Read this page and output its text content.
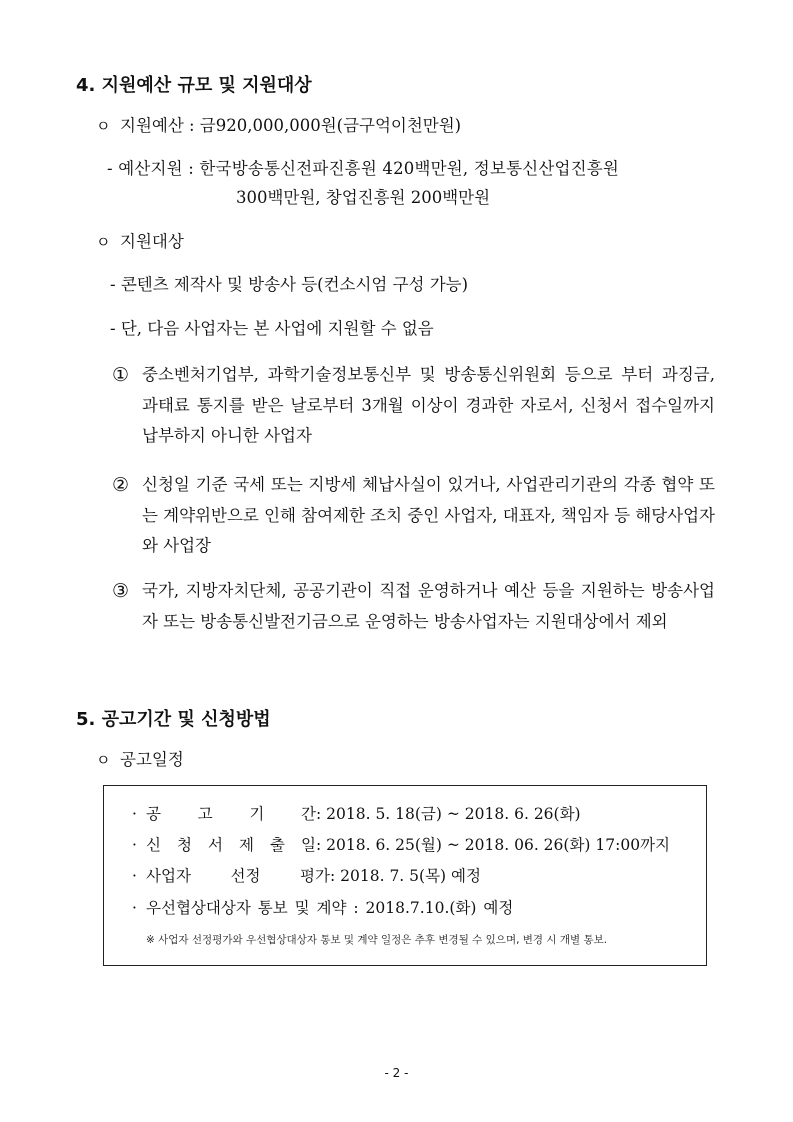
4. 지원예산 규모 및 지원대상
ㅇ 지원예산 : 금920,000,000원(금구억이천만원)
- 예산지원 : 한국방송통신전파진흥원 420백만원, 정보통신산업진흥원
300백만원, 창업진흥원 200백만원
ㅇ 지원대상
- 콘텐츠 제작사 및 방송사 등(컨소시엄 구성 가능)
- 단, 다음 사업자는 본 사업에 지원할 수 없음
① 중소벤처기업부, 과학기술정보통신부 및 방송통신위원회 등으로 부터 과징금, 과태료 통지를 받은 날로부터 3개월 이상이 경과한 자로서, 신청서 접수일까지 납부하지 아니한 사업자
② 신청일 기준 국세 또는 지방세 체납사실이 있거나, 사업관리기관의 각종 협약 또는 계약위반으로 인해 참여제한 조치 중인 사업자, 대표자, 책임자 등 해당사업자와 사업장
③ 국가, 지방자치단체, 공공기관이 직접 운영하거나 예산 등을 지원하는 방송사업자 또는 방송통신발전기금으로 운영하는 방송사업자는 지원대상에서 제외
5. 공고기간 및 신청방법
ㅇ 공고일정
· 공 고 기 간: 2018. 5. 18(금) ~ 2018. 6. 26(화)
· 신 청 서 제 출 일: 2018. 6. 25(월) ~ 2018. 06. 26(화) 17:00까지
· 사업자 선정 평가: 2018. 7. 5(목) 예정
· 우선협상대상자 통보 및 계약 : 2018.7.10.(화) 예정
※ 사업자 선정평가와 우선협상대상자 통보 및 계약 일정은 추후 변경될 수 있으며, 변경 시 개별 통보.
- 2 -
